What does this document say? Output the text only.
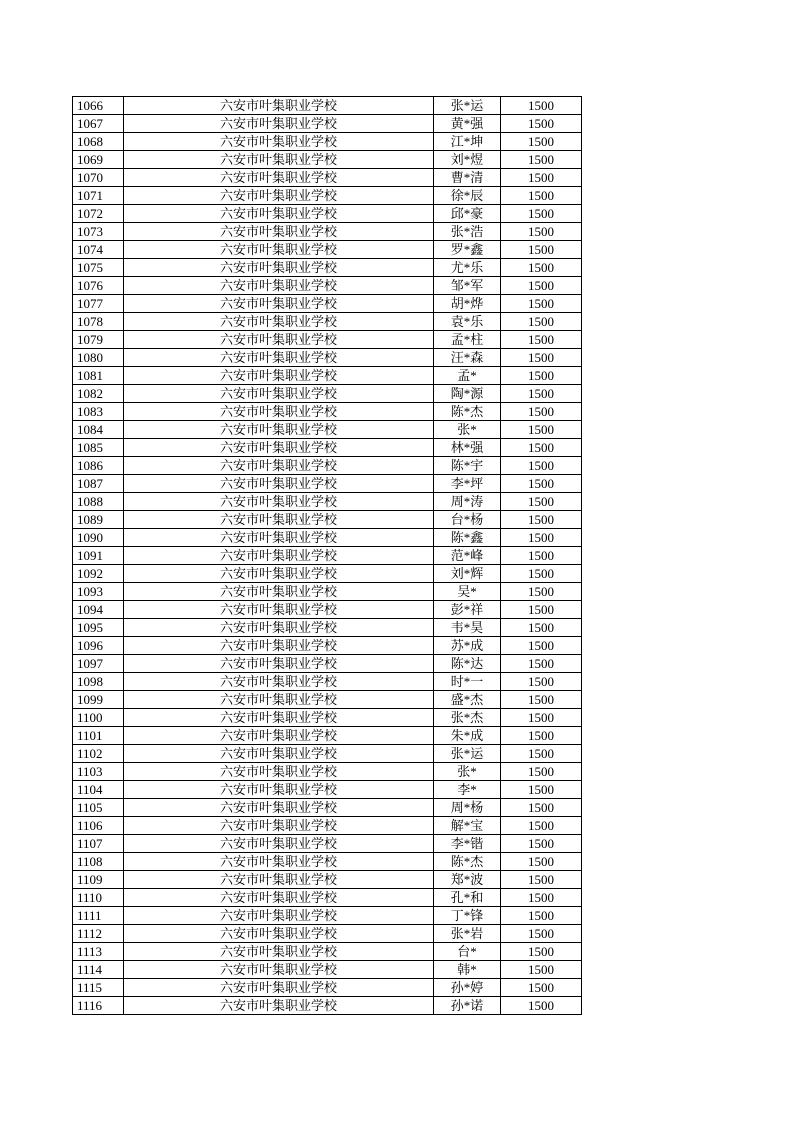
1066	六安市叶集职业学校	张*运	1500
1067	六安市叶集职业学校	黄*强	1500
1068	六安市叶集职业学校	江*坤	1500
1069	六安市叶集职业学校	刘*煜	1500
1070	六安市叶集职业学校	曹*清	1500
1071	六安市叶集职业学校	徐*辰	1500
1072	六安市叶集职业学校	邱*豪	1500
1073	六安市叶集职业学校	张*浩	1500
1074	六安市叶集职业学校	罗*鑫	1500
1075	六安市叶集职业学校	尤*乐	1500
1076	六安市叶集职业学校	邹*军	1500
1077	六安市叶集职业学校	胡*烨	1500
1078	六安市叶集职业学校	袁*乐	1500
1079	六安市叶集职业学校	孟*柱	1500
1080	六安市叶集职业学校	汪*森	1500
1081	六安市叶集职业学校	孟*	1500
1082	六安市叶集职业学校	陶*源	1500
1083	六安市叶集职业学校	陈*杰	1500
1084	六安市叶集职业学校	张*	1500
1085	六安市叶集职业学校	林*强	1500
1086	六安市叶集职业学校	陈*宇	1500
1087	六安市叶集职业学校	李*坪	1500
1088	六安市叶集职业学校	周*涛	1500
1089	六安市叶集职业学校	台*杨	1500
1090	六安市叶集职业学校	陈*鑫	1500
1091	六安市叶集职业学校	范*峰	1500
1092	六安市叶集职业学校	刘*辉	1500
1093	六安市叶集职业学校	吴*	1500
1094	六安市叶集职业学校	彭*祥	1500
1095	六安市叶集职业学校	韦*昊	1500
1096	六安市叶集职业学校	苏*成	1500
1097	六安市叶集职业学校	陈*达	1500
1098	六安市叶集职业学校	时*一	1500
1099	六安市叶集职业学校	盛*杰	1500
1100	六安市叶集职业学校	张*杰	1500
1101	六安市叶集职业学校	朱*成	1500
1102	六安市叶集职业学校	张*运	1500
1103	六安市叶集职业学校	张*	1500
1104	六安市叶集职业学校	李*	1500
1105	六安市叶集职业学校	周*杨	1500
1106	六安市叶集职业学校	解*宝	1500
1107	六安市叶集职业学校	李*锴	1500
1108	六安市叶集职业学校	陈*杰	1500
1109	六安市叶集职业学校	郑*波	1500
1110	六安市叶集职业学校	孔*和	1500
1111	六安市叶集职业学校	丁*锋	1500
1112	六安市叶集职业学校	张*岩	1500
1113	六安市叶集职业学校	台*	1500
1114	六安市叶集职业学校	韩*	1500
1115	六安市叶集职业学校	孙*婷	1500
1116	六安市叶集职业学校	孙*诺	1500
